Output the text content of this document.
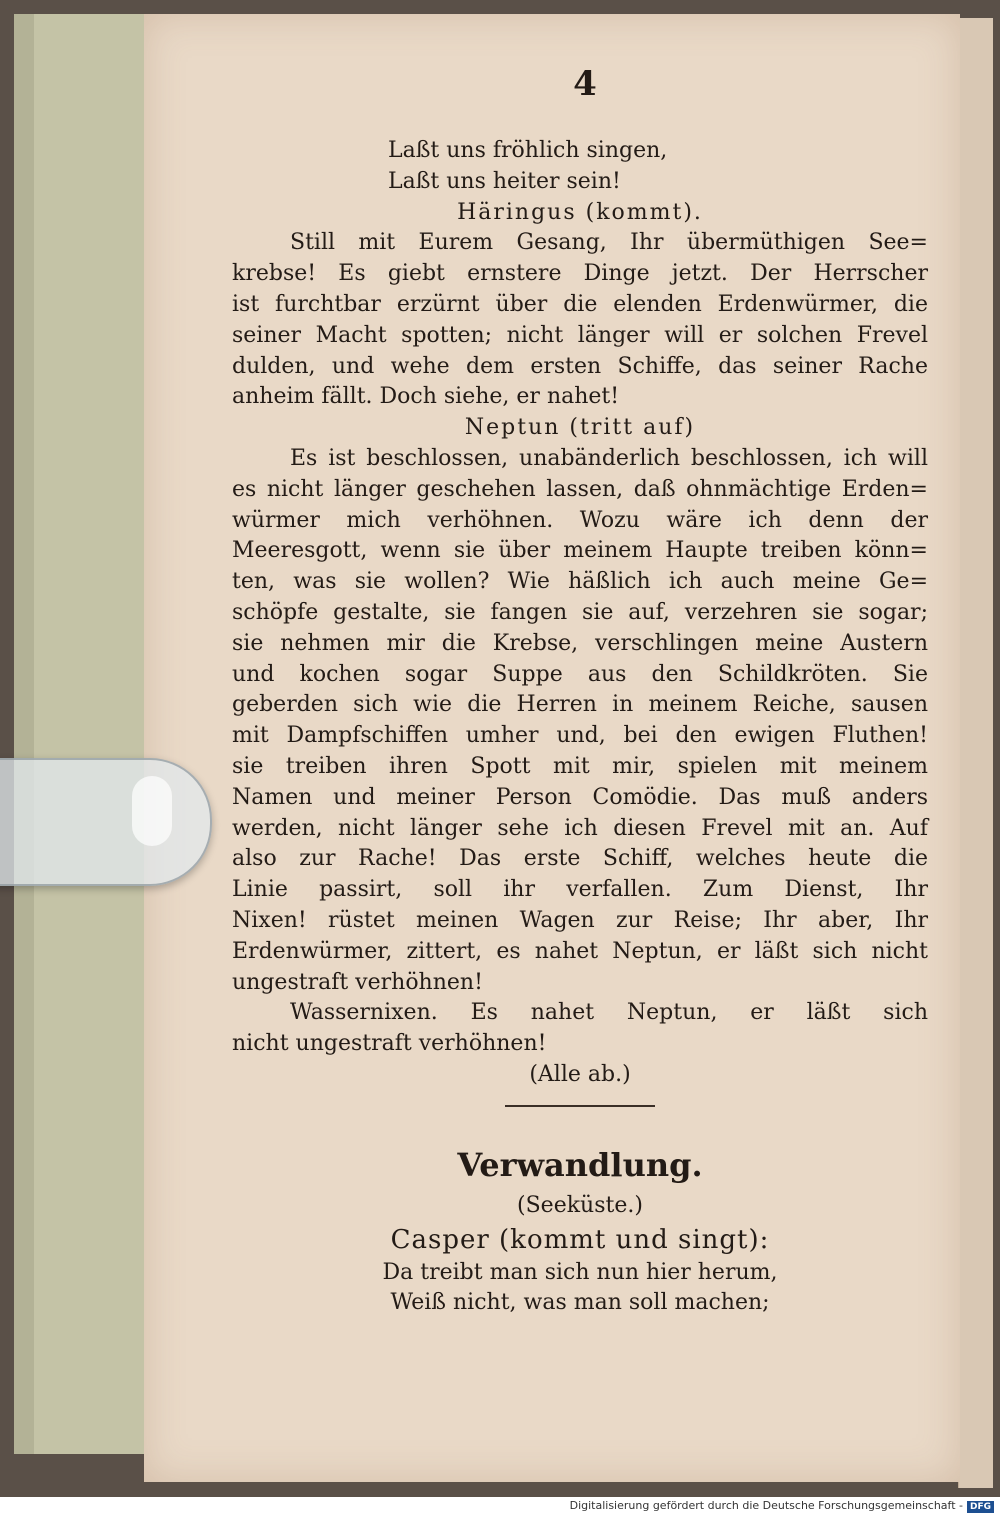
4
Laßt uns fröhlich singen,
Laßt uns heiter sein!
Häringus (kommt).
Still mit Eurem Gesang, Ihr übermüthigen See=
krebse! Es giebt ernstere Dinge jetzt. Der Herrscher
ist furchtbar erzürnt über die elenden Erdenwürmer, die
seiner Macht spotten; nicht länger will er solchen Frevel
dulden, und wehe dem ersten Schiffe, das seiner Rache
anheim fällt. Doch siehe, er nahet!
Neptun (tritt auf)
Es ist beschlossen, unabänderlich beschlossen, ich will
es nicht länger geschehen lassen, daß ohnmächtige Erden=
würmer mich verhöhnen. Wozu wäre ich denn der
Meeresgott, wenn sie über meinem Haupte treiben könn=
ten, was sie wollen? Wie häßlich ich auch meine Ge=
schöpfe gestalte, sie fangen sie auf, verzehren sie sogar;
sie nehmen mir die Krebse, verschlingen meine Austern
und kochen sogar Suppe aus den Schildkröten. Sie
geberden sich wie die Herren in meinem Reiche, sausen
mit Dampfschiffen umher und, bei den ewigen Fluthen!
sie treiben ihren Spott mit mir, spielen mit meinem
Namen und meiner Person Comödie. Das muß anders
werden, nicht länger sehe ich diesen Frevel mit an. Auf
also zur Rache! Das erste Schiff, welches heute die
Linie passirt, soll ihr verfallen. Zum Dienst, Ihr
Nixen! rüstet meinen Wagen zur Reise; Ihr aber, Ihr
Erdenwürmer, zittert, es nahet Neptun, er läßt sich nicht
ungestraft verhöhnen!
Wassernixen. Es nahet Neptun, er läßt sich
nicht ungestraft verhöhnen!
(Alle ab.)
Verwandlung.
(Seeküste.)
Casper (kommt und singt):
Da treibt man sich nun hier herum,
Weiß nicht, was man soll machen;
Digitalisierung gefördert durch die Deutsche Forschungsgemeinschaft - DFG
